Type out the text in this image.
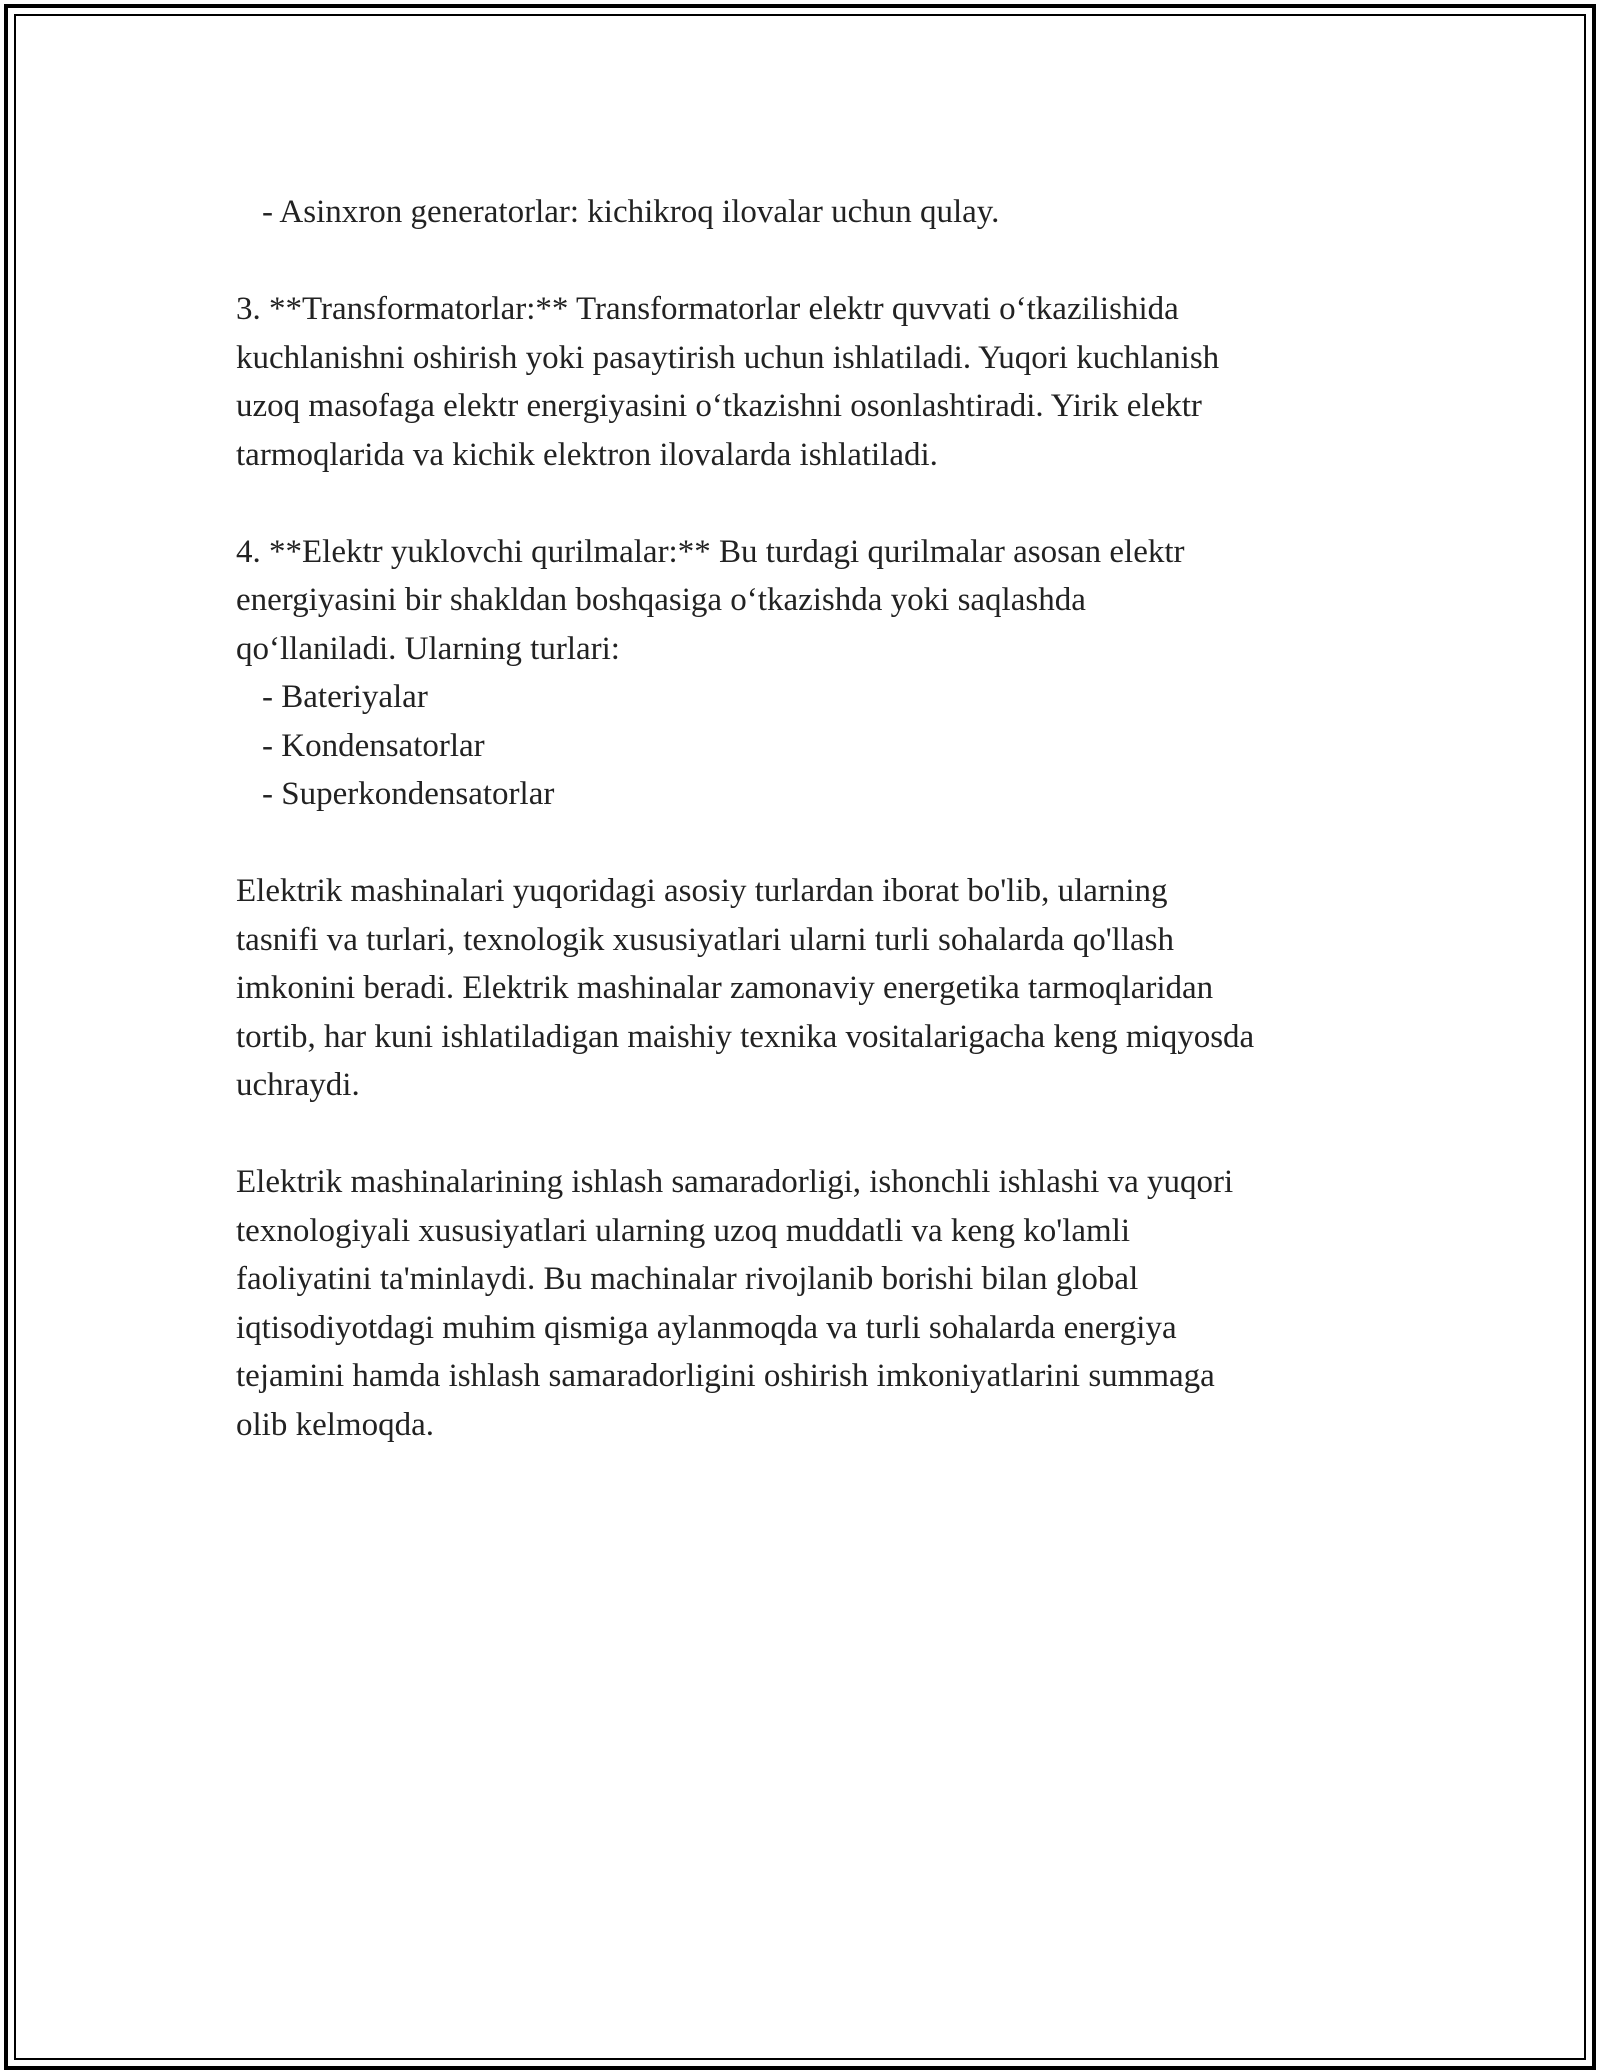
- Asinxron generatorlar: kichikroq ilovalar uchun qulay.
3. **Transformatorlar:** Transformatorlar elektr quvvati o‘tkazilishida
kuchlanishni oshirish yoki pasaytirish uchun ishlatiladi. Yuqori kuchlanish
uzoq masofaga elektr energiyasini o‘tkazishni osonlashtiradi. Yirik elektr
tarmoqlarida va kichik elektron ilovalarda ishlatiladi.
4. **Elektr yuklovchi qurilmalar:** Bu turdagi qurilmalar asosan elektr
energiyasini bir shakldan boshqasiga o‘tkazishda yoki saqlashda
qo‘llaniladi. Ularning turlari:
- Bateriyalar
- Kondensatorlar
- Superkondensatorlar
Elektrik mashinalari yuqoridagi asosiy turlardan iborat bo'lib, ularning
tasnifi va turlari, texnologik xususiyatlari ularni turli sohalarda qo'llash
imkonini beradi. Elektrik mashinalar zamonaviy energetika tarmoqlaridan
tortib, har kuni ishlatiladigan maishiy texnika vositalarigacha keng miqyosda
uchraydi.
Elektrik mashinalarining ishlash samaradorligi, ishonchli ishlashi va yuqori
texnologiyali xususiyatlari ularning uzoq muddatli va keng ko'lamli
faoliyatini ta'minlaydi. Bu machinalar rivojlanib borishi bilan global
iqtisodiyotdagi muhim qismiga aylanmoqda va turli sohalarda energiya
tejamini hamda ishlash samaradorligini oshirish imkoniyatlarini summaga
olib kelmoqda.
